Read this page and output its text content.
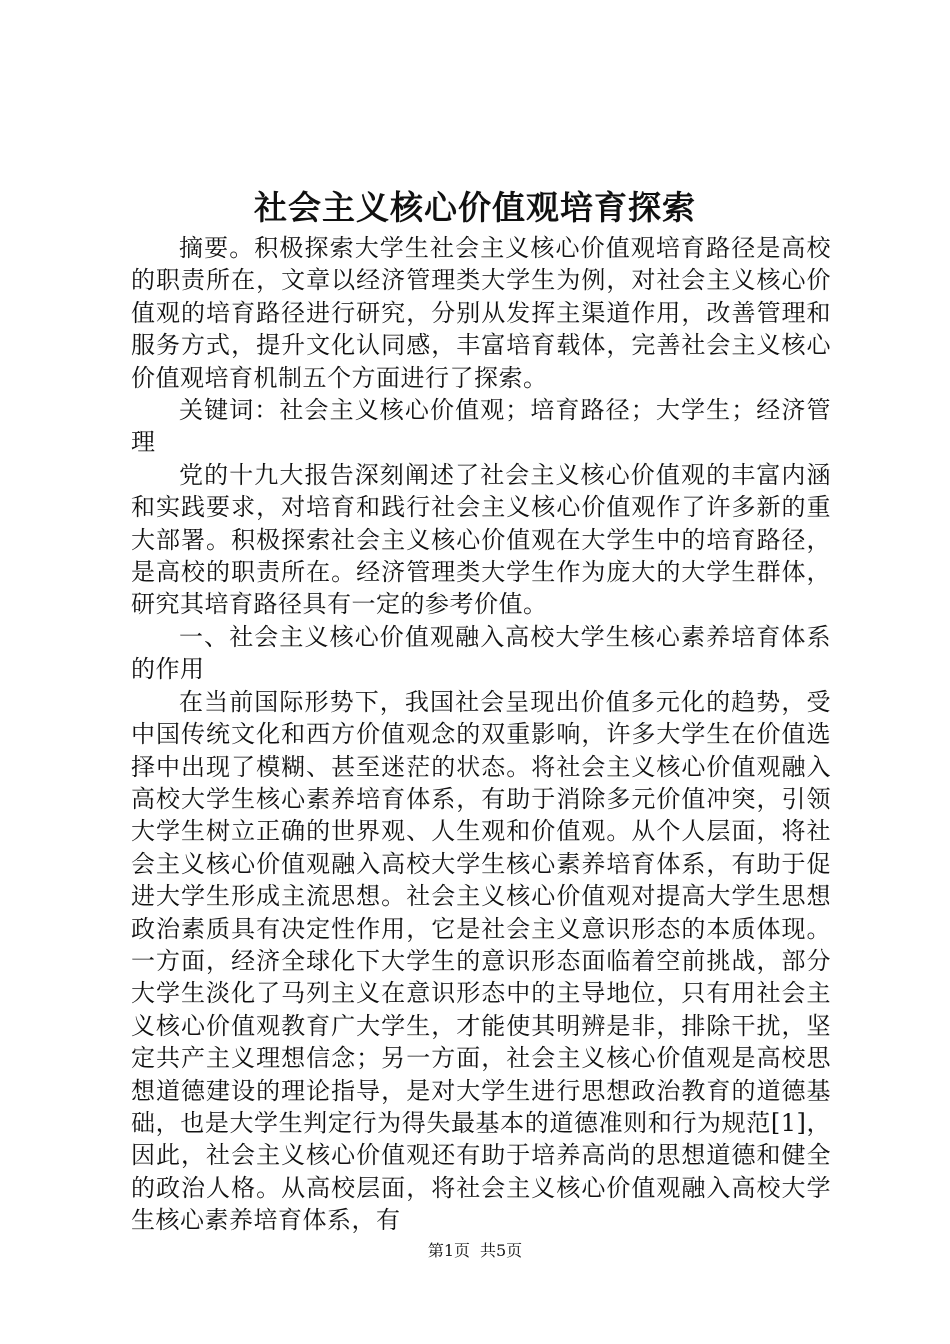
社会主义核心价值观培育探索

摘要。积极探索大学生社会主义核心价值观培育路径是高校的职责所在，文章以经济管理类大学生为例，对社会主义核心价值观的培育路径进行研究，分别从发挥主渠道作用，改善管理和服务方式，提升文化认同感，丰富培育载体，完善社会主义核心价值观培育机制五个方面进行了探索。

关键词：社会主义核心价值观；培育路径；大学生；经济管理

党的十九大报告深刻阐述了社会主义核心价值观的丰富内涵和实践要求，对培育和践行社会主义核心价值观作了许多新的重大部署。积极探索社会主义核心价值观在大学生中的培育路径，是高校的职责所在。经济管理类大学生作为庞大的大学生群体，研究其培育路径具有一定的参考价值。

一、社会主义核心价值观融入高校大学生核心素养培育体系的作用

在当前国际形势下，我国社会呈现出价值多元化的趋势，受中国传统文化和西方价值观念的双重影响，许多大学生在价值选择中出现了模糊、甚至迷茫的状态。将社会主义核心价值观融入高校大学生核心素养培育体系，有助于消除多元价值冲突，引领大学生树立正确的世界观、人生观和价值观。从个人层面，将社会主义核心价值观融入高校大学生核心素养培育体系，有助于促进大学生形成主流思想。社会主义核心价值观对提高大学生思想政治素质具有决定性作用，它是社会主义意识形态的本质体现。一方面，经济全球化下大学生的意识形态面临着空前挑战，部分大学生淡化了马列主义在意识形态中的主导地位，只有用社会主义核心价值观教育广大学生，才能使其明辨是非，排除干扰，坚定共产主义理想信念；另一方面，社会主义核心价值观是高校思想道德建设的理论指导，是对大学生进行思想政治教育的道德基础，也是大学生判定行为得失最基本的道德准则和行为规范[1]，因此，社会主义核心价值观还有助于培养高尚的思想道德和健全的政治人格。从高校层面，将社会主义核心价值观融入高校大学生核心素养培育体系，有

第1页 共5页
